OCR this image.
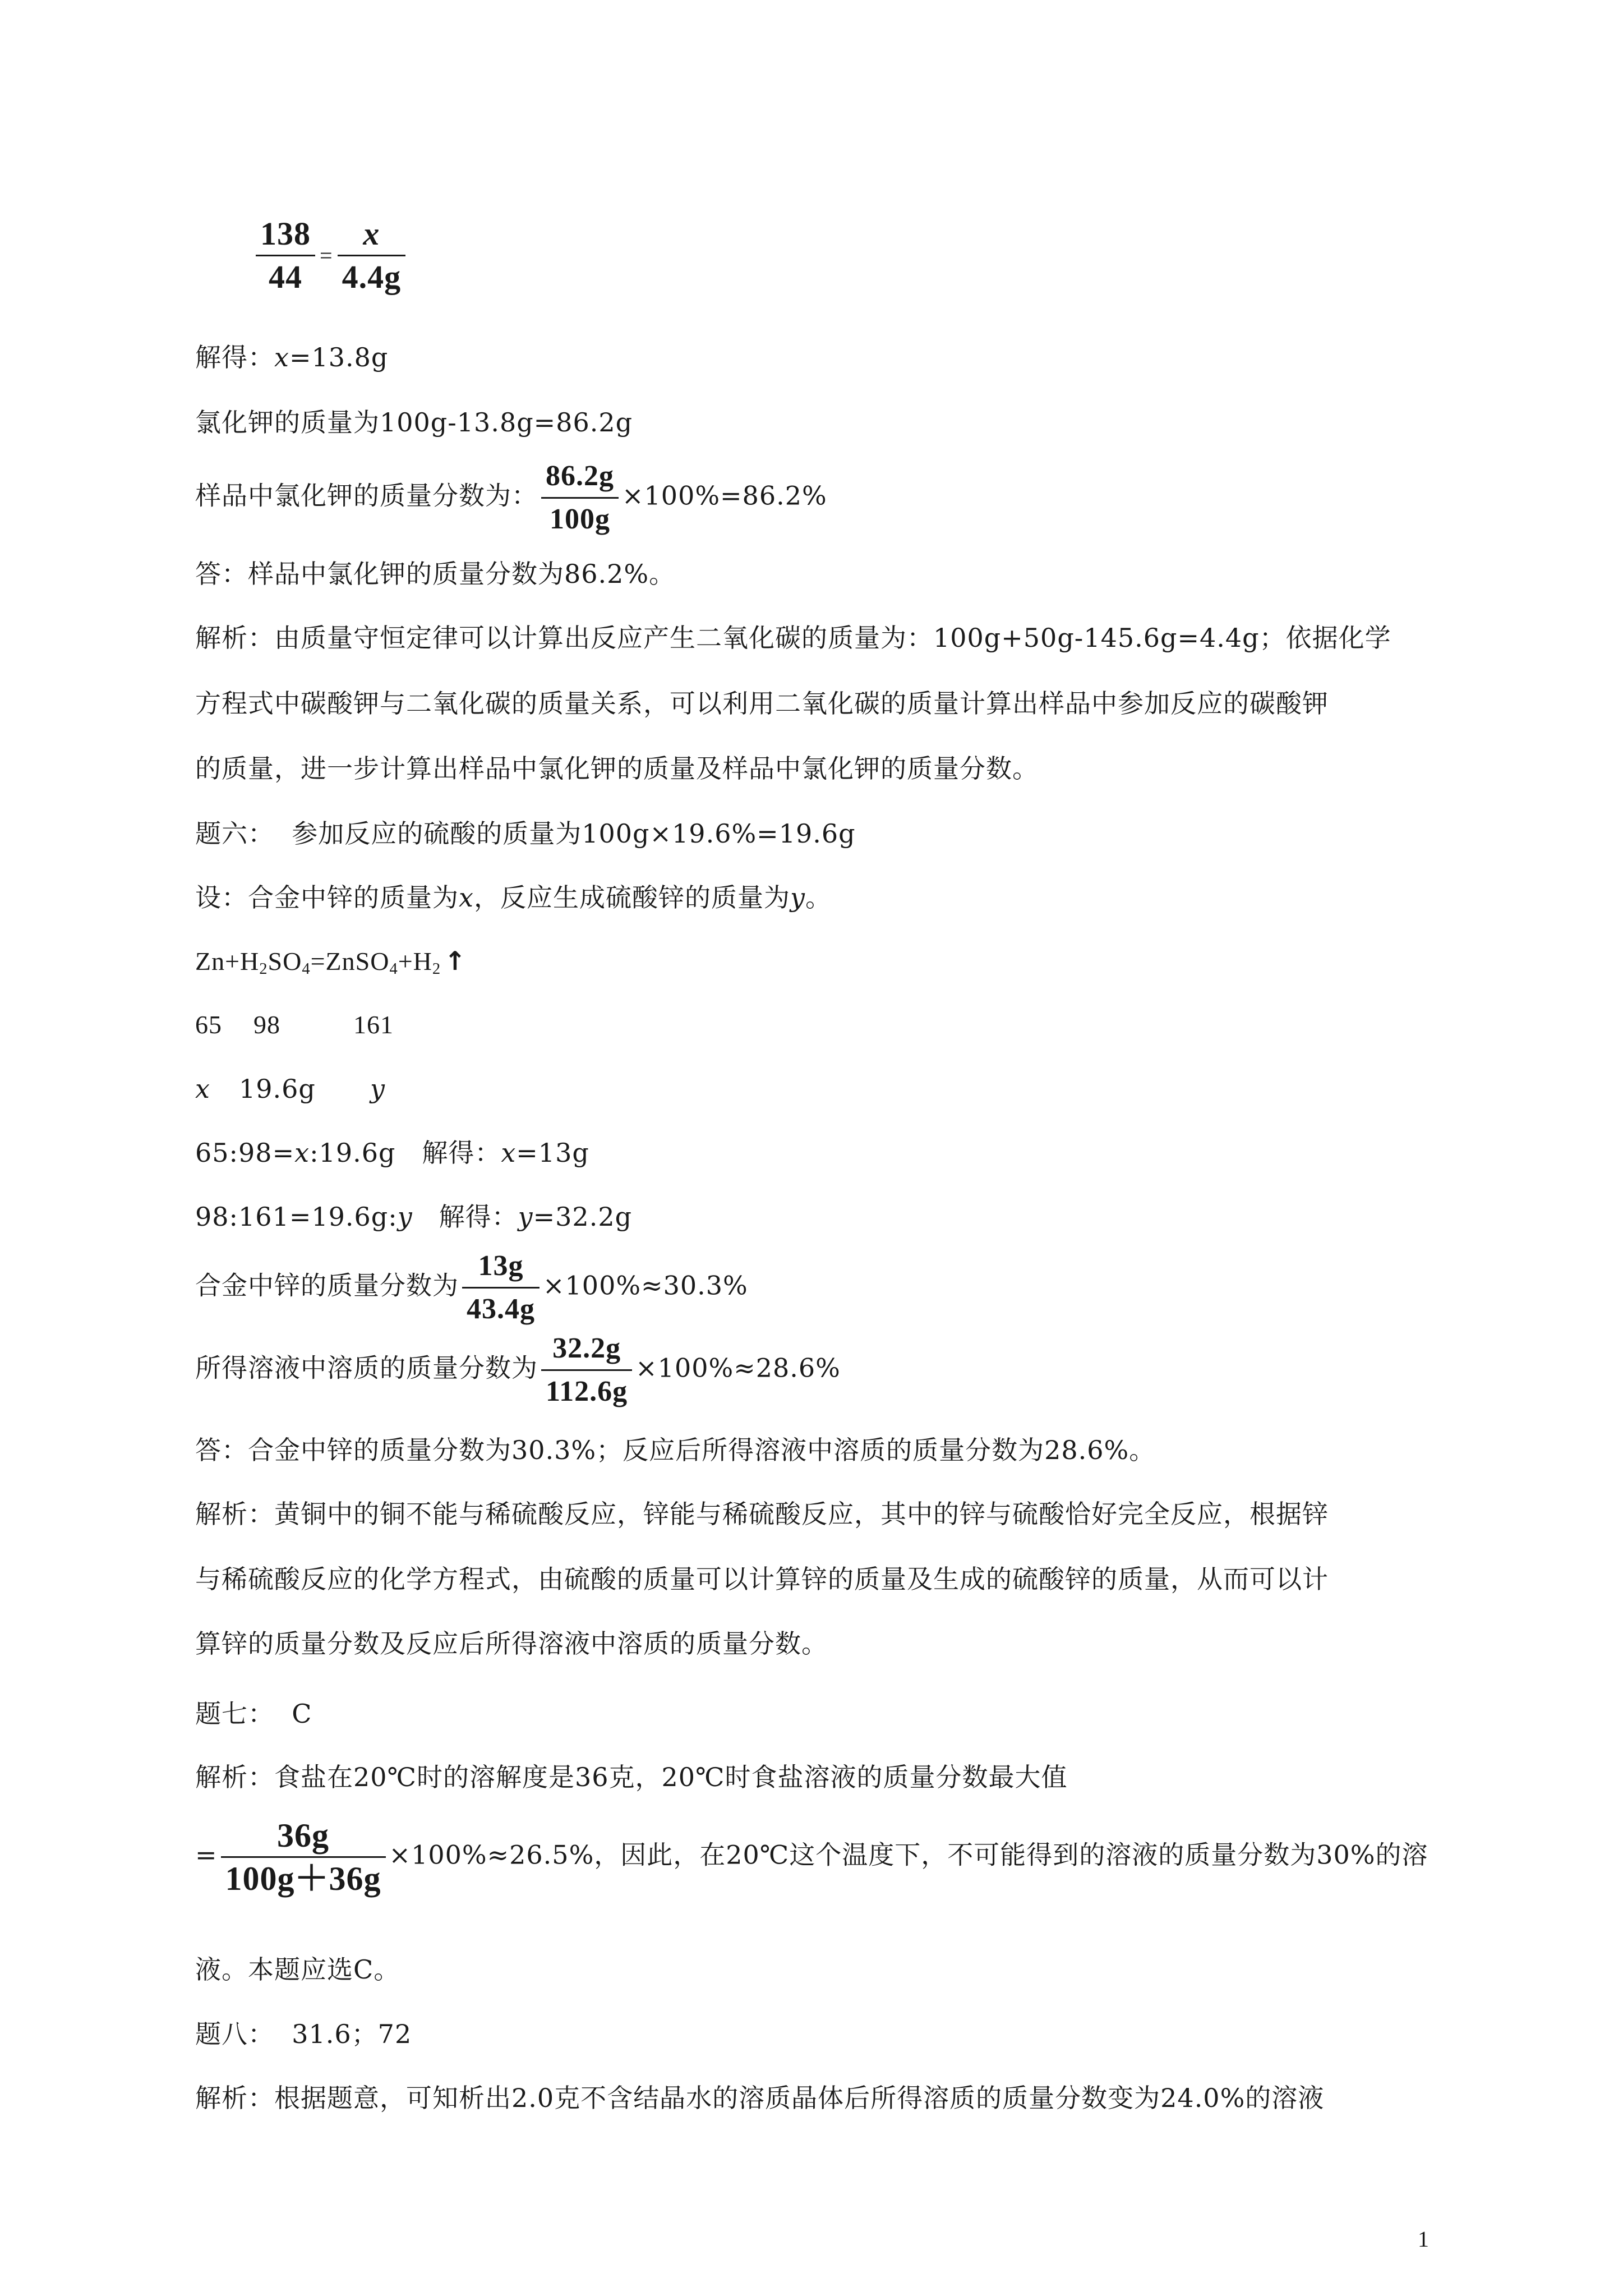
$\frac{138}{44} = \frac{x}{4.4g}$
解得：x=13.8g
氯化钾的质量为100g-13.8g=86.2g
样品中氯化钾的质量分数为： $\frac{86.2g}{100g} \times 100\%=86.2\%$
答：样品中氯化钾的质量分数为86.2%。
解析：由质量守恒定律可以计算出反应产生二氧化碳的质量为：100g+50g-145.6g=4.4g；依据化学
方程式中碳酸钾与二氧化碳的质量关系，可以利用二氧化碳的质量计算出样品中参加反应的碳酸钾
的质量，进一步计算出样品中氯化钾的质量及样品中氯化钾的质量分数。
题六： 参加反应的硫酸的质量为100g×19.6%=19.6g
设：合金中锌的质量为x，反应生成硫酸锌的质量为y。
$Zn+H_2SO_4=ZnSO_4+H_2$ ↑
65 98	161
x 19.6g y
65:98=x:19.6g 解得：x=13g
98:161=19.6g:y 解得：y=32.2g
合金中锌的质量分数为 $\frac{13g}{43.4g} \times 100\%\approx 30.3\%$
所得溶液中溶质的质量分数为 $\frac{32.2g}{112.6g} \times 100\%\approx 28.6\%$
答：合金中锌的质量分数为30.3%；反应后所得溶液中溶质的质量分数为28.6%。
解析：黄铜中的铜不能与稀硫酸反应，锌能与稀硫酸反应，其中的锌与硫酸恰好完全反应，根据锌
与稀硫酸反应的化学方程式，由硫酸的质量可以计算锌的质量及生成的硫酸锌的质量，从而可以计
算锌的质量分数及反应后所得溶液中溶质的质量分数。
题七： C
解析：食盐在20℃时的溶解度是36克，20℃时食盐溶液的质量分数最大值
= $\frac{36g}{100g+36g} \times 100\%\approx 26.5\%$，因此，在20℃这个温度下，不可能得到的溶液的质量分数为30%的溶
液。本题应选C。
题八： 31.6；72
解析：根据题意，可知析出2.0克不含结晶水的溶质晶体后所得溶质的质量分数变为24.0%的溶液
1
